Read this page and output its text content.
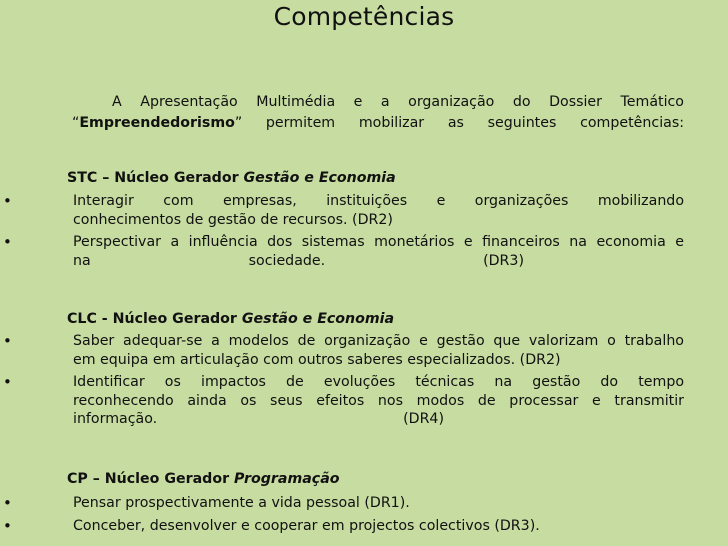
Competências
A Apresentação Multimédia e a organização do Dossier Temático
“Empreendedorismo” permitem mobilizar as seguintes competências:
STC – Núcleo Gerador Gestão e Economia
•	Interagir com empresas, instituições e organizações mobilizando
conhecimentos de gestão de recursos. (DR2)
•	Perspectivar a influência dos sistemas monetários e financeiros na economia e

na	sociedade.	(DR3)
CLC - Núcleo Gerador Gestão e Economia
•	Saber adequar-se a modelos de organização e gestão que valorizam o trabalho
em equipa em articulação com outros saberes especializados. (DR2)
•	Identificar os impactos de evoluções técnicas na gestão do tempo
reconhecendo ainda os seus efeitos nos modos de processar e transmitir

informação.	(DR4)
CP – Núcleo Gerador Programação
•	Pensar prospectivamente a vida pessoal (DR1).
•	Conceber, desenvolver e cooperar em projectos colectivos (DR3).
